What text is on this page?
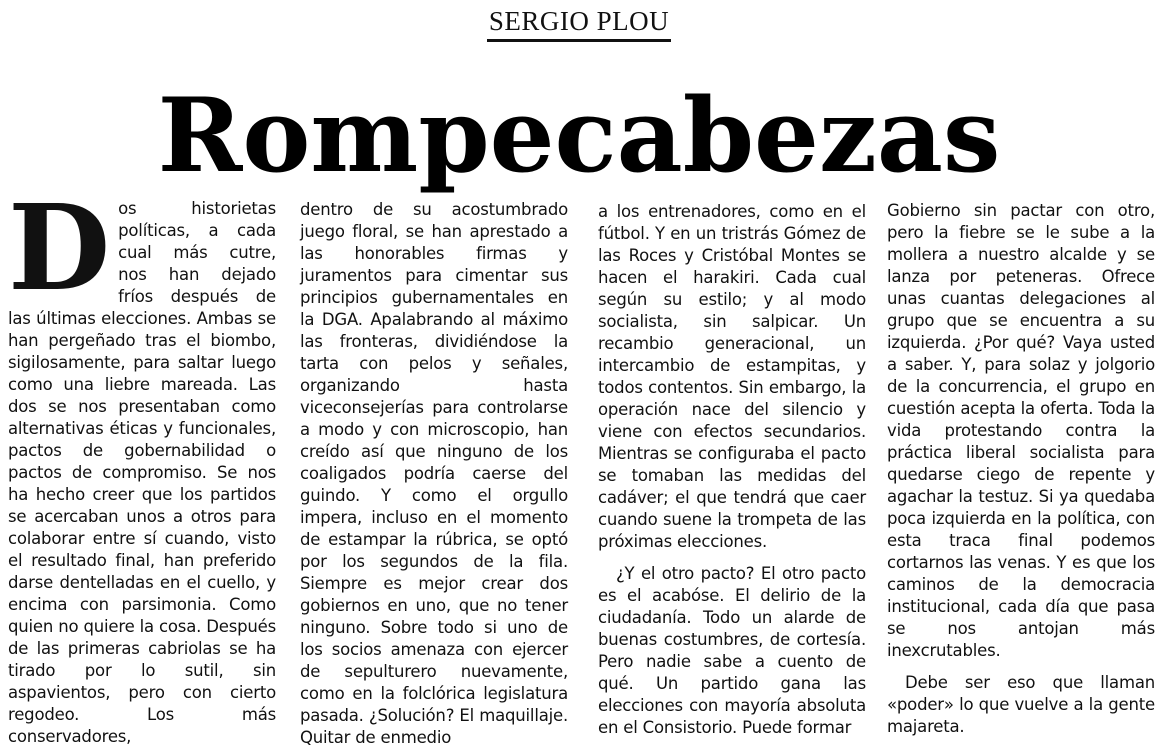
SERGIO PLOU
Rompecabezas
D os historietas políticas, a cada cual más cutre, nos han dejado fríos después de las últimas elecciones. Ambas se han pergeñado tras el biombo, sigilosamente, para saltar luego como una liebre mareada. Las dos se nos presentaban como alternativas éticas y funcionales, pactos de gobernabilidad o pactos de compromiso. Se nos ha hecho creer que los partidos se acercaban unos a otros para colaborar entre sí cuando, visto el resultado final, han preferido darse dentelladas en el cuello, y encima con parsimonia. Como quien no quiere la cosa. Después de las primeras cabriolas se ha tirado por lo sutil, sin aspavientos, pero con cierto regodeo. Los más conservadores,

dentro de su acostumbrado juego floral, se han aprestado a las honorables firmas y juramentos para cimentar sus principios gubernamentales en la DGA. Apalabrando al máximo las fronteras, dividiéndose la tarta con pelos y señales, organizando hasta viceconsejerías para controlarse a modo y con microscopio, han creído así que ninguno de los coaligados podría caerse del guindo. Y como el orgullo impera, incluso en el momento de estampar la rúbrica, se optó por los segundos de la fila. Siempre es mejor crear dos gobiernos en uno, que no tener ninguno. Sobre todo si uno de los socios amenaza con ejercer de sepulturero nuevamente, como en la folclórica legislatura pasada. ¿Solución? El maquillaje. Quitar de enmedio

a los entrenadores, como en el fútbol. Y en un tristrás Gómez de las Roces y Cristóbal Montes se hacen el harakiri. Cada cual según su estilo; y al modo socialista, sin salpicar. Un recambio generacional, un intercambio de estampitas, y todos contentos. Sin embargo, la operación nace del silencio y viene con efectos secundarios. Mientras se configuraba el pacto se tomaban las medidas del cadáver; el que tendrá que caer cuando suene la trompeta de las próximas elecciones.

¿Y el otro pacto? El otro pacto es el acabóse. El delirio de la ciudadanía. Todo un alarde de buenas costumbres, de cortesía. Pero nadie sabe a cuento de qué. Un partido gana las elecciones con mayoría absoluta en el Consistorio. Puede formar

Gobierno sin pactar con otro, pero la fiebre se le sube a la mollera a nuestro alcalde y se lanza por peteneras. Ofrece unas cuantas delegaciones al grupo que se encuentra a su izquierda. ¿Por qué? Vaya usted a saber. Y, para solaz y jolgorio de la concurrencia, el grupo en cuestión acepta la oferta. Toda la vida protestando contra la práctica liberal socialista para quedarse ciego de repente y agachar la testuz. Si ya quedaba poca izquierda en la política, con esta traca final podemos cortarnos las venas. Y es que los caminos de la democracia institucional, cada día que pasa se nos antojan más inexcrutables.

Debe ser eso que llaman «poder» lo que vuelve a la gente majareta.
